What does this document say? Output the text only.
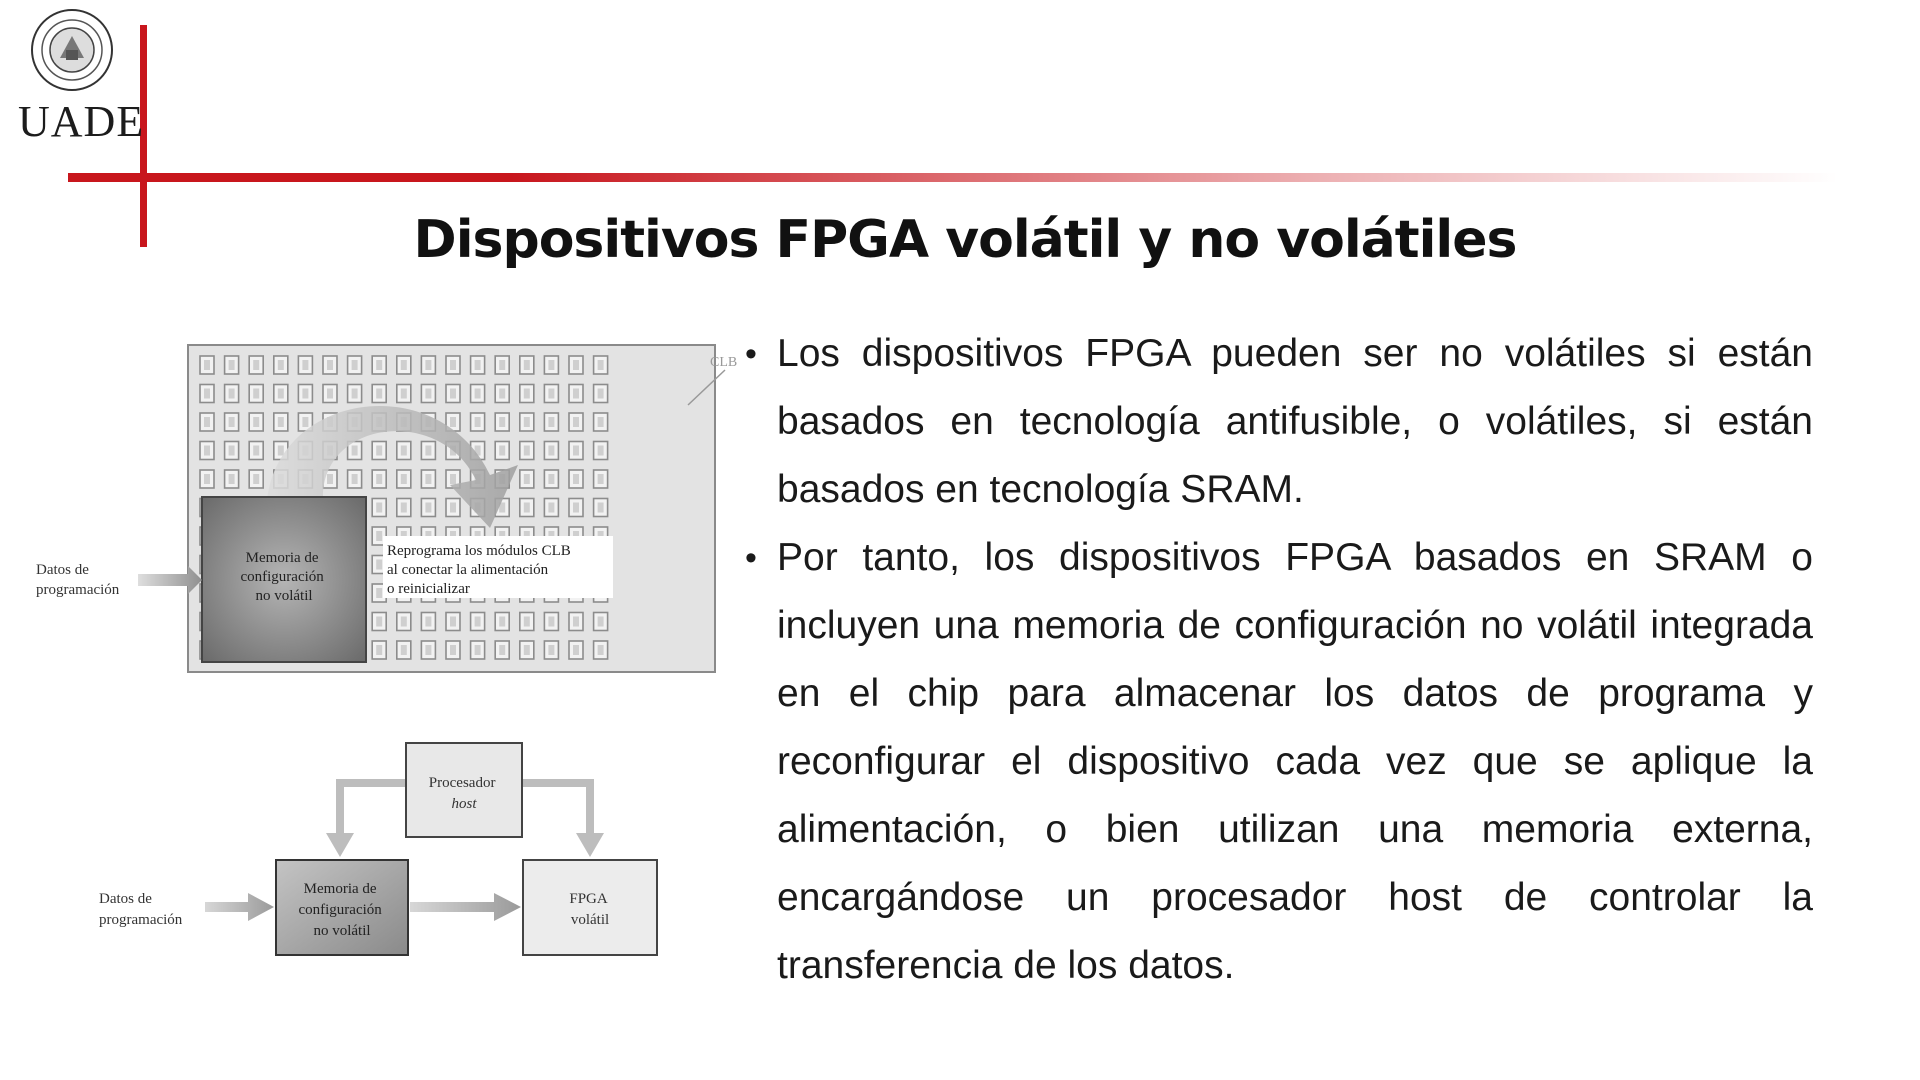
UADE
Dispositivos FPGA volátil y no volátiles
Memoria de configuración no volátil
Reprograma los módulos CLB al conectar la alimentación o reinicializar
Datos de programación
CLB
Procesador host
Memoria de configuración no volátil
FPGA volátil
Datos de programación
• Los dispositivos FPGA pueden ser no volátiles si están basados en tecnología antifusible, o volátiles, si están basados en tecnología SRAM.
• Por tanto, los dispositivos FPGA basados en SRAM o incluyen una memoria de configuración no volátil integrada en el chip para almacenar los datos de programa y reconfigurar el dispositivo cada vez que se aplique la alimentación, o bien utilizan una memoria externa, encargándose un procesador host de controlar la transferencia de los datos.
